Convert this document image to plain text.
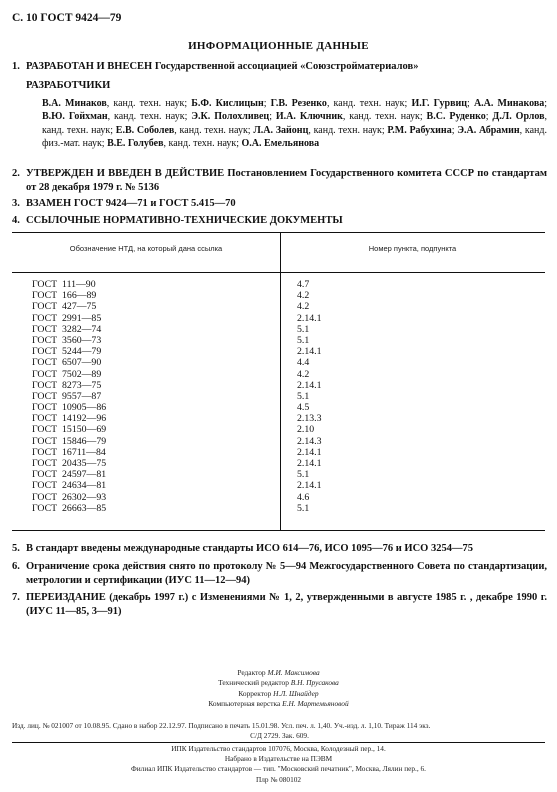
С. 10 ГОСТ 9424—79
ИНФОРМАЦИОННЫЕ ДАННЫЕ
1. РАЗРАБОТАН И ВНЕСЕН Государственной ассоциацией «Союзстройматериалов»
РАЗРАБОТЧИКИ
В.А. Минаков, канд. техн. наук; Б.Ф. Кислицын; Г.В. Резенко, канд. техн. наук; И.Г. Гурвиц; А.А. Минакова; В.Ю. Гойхман, канд. техн. наук; Э.К. Полохливец; И.А. Ключник, канд. техн. наук; В.С. Руденко; Д.Л. Орлов, канд. техн. наук; Е.В. Соболев, канд. техн. наук; Л.А. Зайонц, канд. техн. наук; Р.М. Рабухина; Э.А. Абрамин, канд. физ.-мат. наук; В.Е. Голубев, канд. техн. наук; О.А. Емельянова
2. УТВЕРЖДЕН И ВВЕДЕН В ДЕЙСТВИЕ Постановлением Государственного комитета СССР по стандартам от 28 декабря 1979 г. № 5136
3. ВЗАМЕН ГОСТ 9424—71 и ГОСТ 5.415—70
4. ССЫЛОЧНЫЕ НОРМАТИВНО-ТЕХНИЧЕСКИЕ ДОКУМЕНТЫ
Обозначение НТД, на который дана ссылка	Номер пункта, подпункта
ГОСТ  111—90
ГОСТ  166—89
ГОСТ  427—75
ГОСТ  2991—85
ГОСТ  3282—74
ГОСТ  3560—73
ГОСТ  5244—79
ГОСТ  6507—90
ГОСТ  7502—89
ГОСТ  8273—75
ГОСТ  9557—87
ГОСТ  10905—86
ГОСТ  14192—96
ГОСТ  15150—69
ГОСТ  15846—79
ГОСТ  16711—84
ГОСТ  20435—75
ГОСТ  24597—81
ГОСТ  24634—81
ГОСТ  26302—93
ГОСТ  26663—85
4.7
4.2
4.2
2.14.1
5.1
5.1
2.14.1
4.4
4.2
2.14.1
5.1
4.5
2.13.3
2.10
2.14.3
2.14.1
2.14.1
5.1
2.14.1
4.6
5.1
5. В стандарт введены международные стандарты ИСО 614—76, ИСО 1095—76 и ИСО 3254—75
6. Ограничение срока действия снято по протоколу № 5—94 Межгосударственного Совета по стандартизации, метрологии и сертификации (ИУС 11—12—94)
7. ПЕРЕИЗДАНИЕ (декабрь 1997 г.) с Изменениями № 1, 2, утвержденными в августе 1985 г. , декабре 1990 г. (ИУС 11—85, 3—91)
Редактор М.И. Максимова
Технический редактор В.Н. Прусакова
Корректор Н.Л. Шнайдер
Компьютерная верстка Е.Н. Мартемьяновой
Изд. лиц. № 021007 от 10.08.95. Сдано в набор 22.12.97. Подписано в печать 15.01.98. Усл. печ. л. 1,40. Уч.-изд. л. 1,10. Тираж 114 экз.
С/Д 2729. Зак. 609.
ИПК Издательство стандартов 107076, Москва, Колодезный пер., 14.
Набрано в Издательстве на ПЭВМ
Филиал ИПК Издательство стандартов — тип. "Московский печатник", Москва, Лялин пер., 6.
Плр № 080102
